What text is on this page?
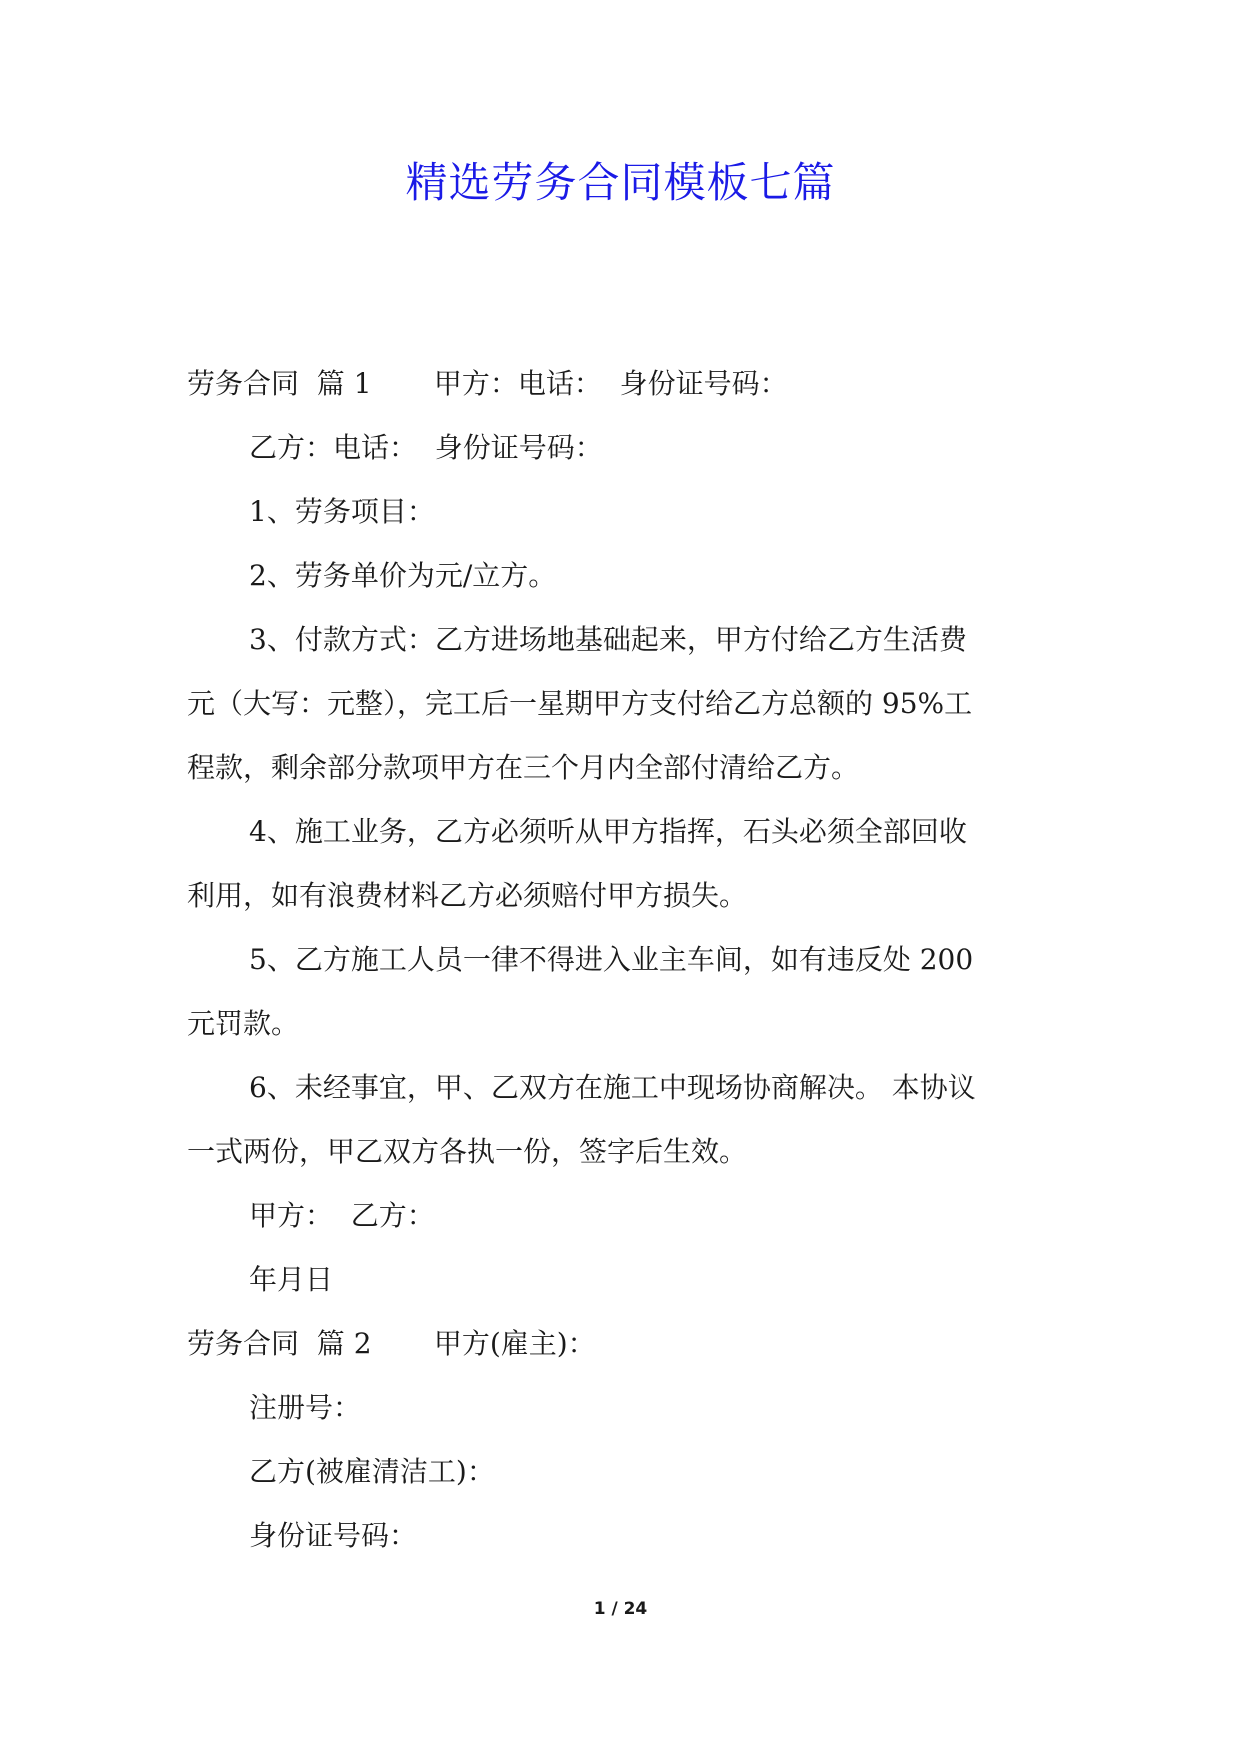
精选劳务合同模板七篇
劳务合同  篇 1       甲方：电话：  身份证号码：
乙方：电话：  身份证号码：
1、劳务项目：
2、劳务单价为元/立方。
3、付款方式：乙方进场地基础起来，甲方付给乙方生活费
元（大写：元整），完工后一星期甲方支付给乙方总额的 95%工
程款，剩余部分款项甲方在三个月内全部付清给乙方。
4、施工业务，乙方必须听从甲方指挥，石头必须全部回收
利用，如有浪费材料乙方必须赔付甲方损失。
5、乙方施工人员一律不得进入业主车间，如有违反处 200
元罚款。
6、未经事宜，甲、乙双方在施工中现场协商解决。 本协议
一式两份，甲乙双方各执一份，签字后生效。
甲方：  乙方：
年月日
劳务合同  篇 2       甲方(雇主)：
注册号：
乙方(被雇清洁工)：
身份证号码：
1 / 24
